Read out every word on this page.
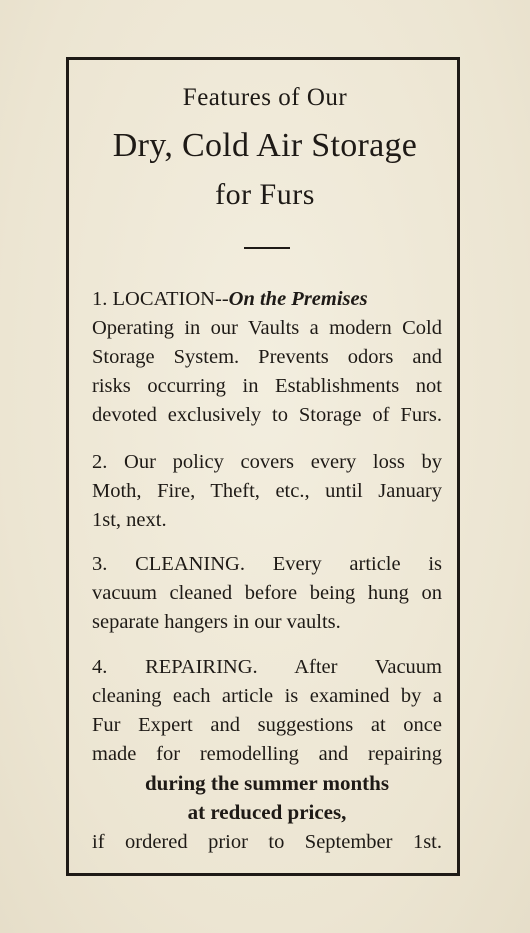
Features of Our
Dry, Cold Air Storage
for Furs
1. LOCATION--On the Premises
Operating in our Vaults a modern Cold
Storage System. Prevents odors and
risks occurring in Establishments not
devoted exclusively to Storage of Furs.
2. Our policy covers every loss by
Moth, Fire, Theft, etc., until January
1st, next.
3. CLEANING. Every article is
vacuum cleaned before being hung on
separate hangers in our vaults.
4. REPAIRING. After Vacuum
cleaning each article is examined by a
Fur Expert and suggestions at once
made for remodelling and repairing
during the summer months
at reduced prices,
if ordered prior to September 1st.
